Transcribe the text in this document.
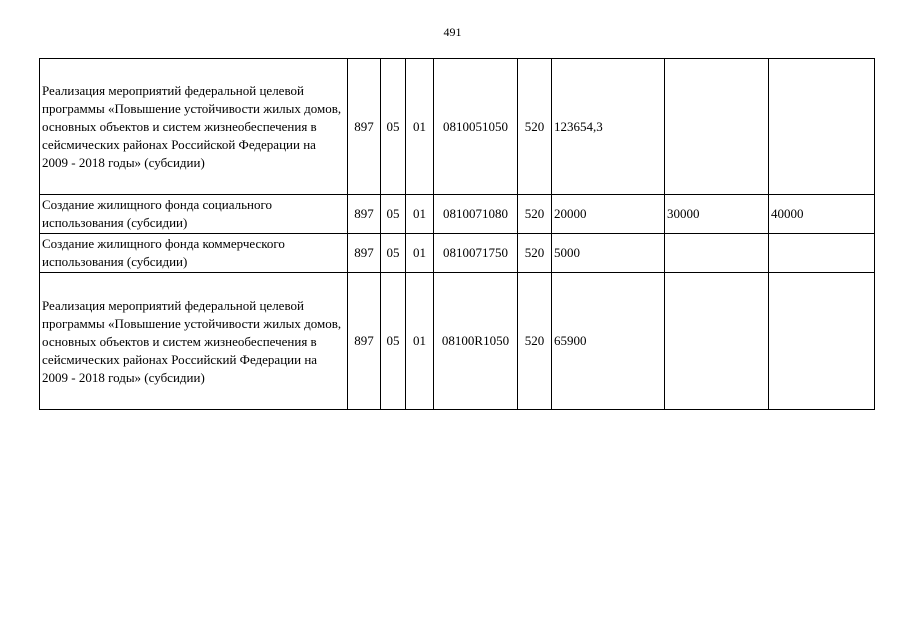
491
Реализация мероприятий федеральной целевой программы «Повышение устойчивости жилых домов, основных объектов и систем жизнеобеспечения в сейсмических районах Российской Федерации на 2009 - 2018 годы» (субсидии)	897	05	01	0810051050	520	123654,3		
Создание жилищного фонда социального использования (субсидии)	897	05	01	0810071080	520	20000	30000	40000
Создание жилищного фонда коммерческого использования (субсидии)	897	05	01	0810071750	520	5000		
Реализация мероприятий федеральной целевой программы «Повышение устойчивости жилых домов, основных объектов и систем жизнеобеспечения в сейсмических районах Российский Федерации на 2009 - 2018 годы» (субсидии)	897	05	01	08100R1050	520	65900		
